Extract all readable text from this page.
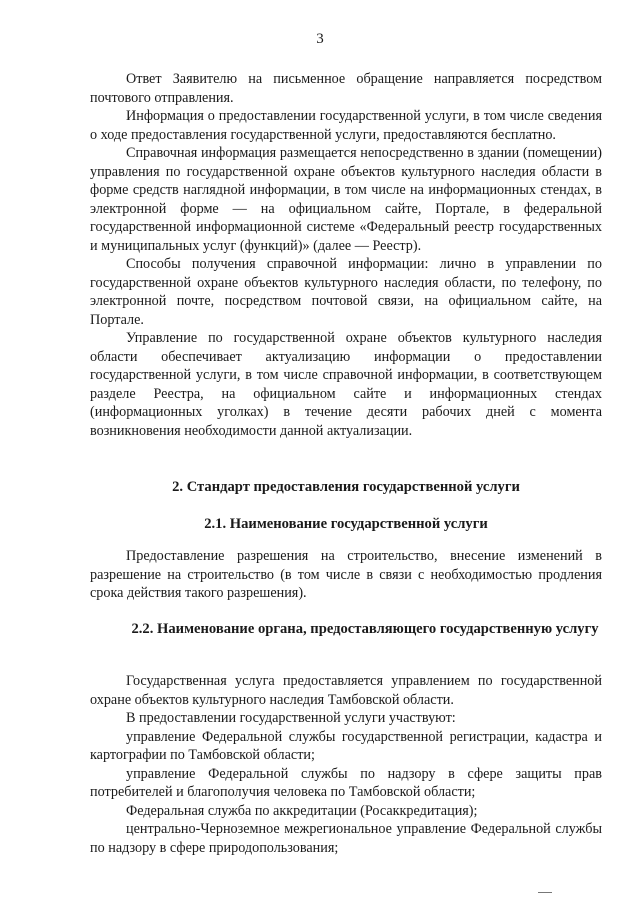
3

Ответ Заявителю на письменное обращение направляется посредством почтового отправления.

Информация о предоставлении государственной услуги, в том числе сведения о ходе предоставления государственной услуги, предоставляются бесплатно.

Справочная информация размещается непосредственно в здании (помещении) управления по государственной охране объектов культурного наследия области в форме средств наглядной информации, в том числе на информационных стендах, в электронной форме — на официальном сайте, Портале, в федеральной государственной информационной системе «Федеральный реестр государственных и муниципальных услуг (функций)» (далее — Реестр).

Способы получения справочной информации: лично в управлении по государственной охране объектов культурного наследия области, по телефону, по электронной почте, посредством почтовой связи, на официальном сайте, на Портале.

Управление по государственной охране объектов культурного наследия области обеспечивает актуализацию информации о предоставлении государственной услуги, в том числе справочной информации, в соответствующем разделе Реестра, на официальном сайте и информационных стендах (информационных уголках) в течение десяти рабочих дней с момента возникновения необходимости данной актуализации.

2. Стандарт предоставления государственной услуги

2.1. Наименование государственной услуги

Предоставление разрешения на строительство, внесение изменений в разрешение на строительство (в том числе в связи с необходимостью продления срока действия такого разрешения).

2.2. Наименование органа, предоставляющего государственную услугу

Государственная услуга предоставляется управлением по государственной охране объектов культурного наследия Тамбовской области.

В предоставлении государственной услуги участвуют:

управление Федеральной службы государственной регистрации, кадастра и картографии по Тамбовской области;

управление Федеральной службы по надзору в сфере защиты прав потребителей и благополучия человека по Тамбовской области;

Федеральная служба по аккредитации (Росаккредитация);

центрально-Черноземное межрегиональное управление Федеральной службы по надзору в сфере природопользования;
